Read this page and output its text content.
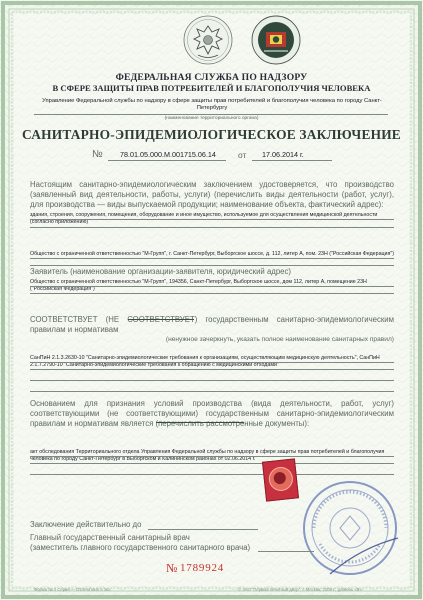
ФЕДЕРАЛЬНАЯ СЛУЖБА ПО НАДЗОРУ
В СФЕРЕ ЗАЩИТЫ ПРАВ ПОТРЕБИТЕЛЕЙ И БЛАГОПОЛУЧИЯ ЧЕЛОВЕКА
Управление Федеральной службы по надзору в сфере защиты прав потребителей и благополучия человека по городу Санкт-Петербургу
(наименование территориального органа)
САНИТАРНО-ЭПИДЕМИОЛОГИЧЕСКОЕ ЗАКЛЮЧЕНИЕ
№ 78.01.05.000.М.001715.06.14	от 17.06.2014 г.
Настоящим санитарно-эпидемиологическим заключением удостоверяется, что производство (заявленный вид деятельности, работы, услуги) (перечислить виды деятельности (работ, услуг), для производства — виды выпускаемой продукции; наименование объекта, фактический адрес):
здания, строения, сооружения, помещения, оборудование и иное имущество, используемое для осуществления медицинской деятельности (согласно приложению)
Общество с ограниченной ответственностью "М-Групп", г. Санкт-Петербург, Выборгское шоссе, д. 112, литер А, пом. 23Н ("Российская Федерация")
Заявитель (наименование организации-заявителя, юридический адрес)
Общество с ограниченной ответственностью "М-Групп", 194356, Санкт-Петербург, Выборгское шоссе, дом 112, литер А, помещение 23Н ("Российская Федерация")
СООТВЕТСТВУЕТ (НЕ СООТВЕТСТВУЕТ) государственным санитарно-эпидемиологическим правилам и нормативам
(ненужное зачеркнуть, указать полное наименование санитарных правил)
СанПиН 2.1.3.2630-10 "Санитарно-эпидемиологические требования к организациям, осуществляющим медицинскую деятельность", СанПиН 2.1.7.2790-10 "Санитарно-эпидемиологические требования к обращению с медицинскими отходами"
Основанием для признания условий производства (вида деятельности, работ, услуг) соответствующими (не соответствующими) государственным санитарно-эпидемиологическим правилам и нормативам является (перечислить рассмотренные документы):
акт обследования Территориального отдела Управления Федеральной службы по надзору в сфере защиты прав потребителей и благополучия человека по городу Санкт-Петербург в Выборгском и Калининском районах от 02.06.2014 г.
Заключение действительно до
Главный государственный санитарный врач
(заместитель главного государственного санитарного врача)
№ 1789924
Форма № 1 Серия — Отпечатано 5 экз.	© ЗАО "Первый печатный двор", г. Москва, 2009 г., уровень «В»
